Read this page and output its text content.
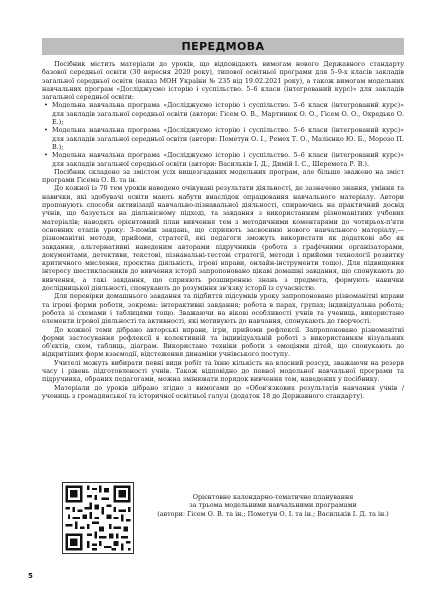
ПЕРЕДМОВА

Посібник містить матеріали до уроків, що відповідають вимогам нового Державного стандарту базової середньої освіти (30 вересня 2020 року), типової освітньої програми для 5–9-х класів закладів загальної середньої освіти (наказ МОН України № 235 від 19.02.2021 року), а також вимогам модельних навчальних програм «Досліджуємо історію і суспільство. 5–6 класи (інтегрований курс)» для закладів загальної середньої освіти:

• Модельна навчальна програма «Досліджуємо історію і суспільство. 5–6 класи (інтегрований курс)» для закладів загальної середньої освіти (автори: Гісем О. В., Мартинюк О. О., Гісем О. О., Охредько О. Е.);
• Модельна навчальна програма «Досліджуємо історію і суспільство. 5–6 класи (інтегрований курс)» для закладів загальної середньої освіти (автори: Пометун О. І., Ремех Т. О., Малієнко Ю. Б., Морозо П. В.);
• Модельна навчальна програма «Досліджуємо історію і суспільство. 5–6 класи (інтегрований курс)» для закладів загальної середньої освіти (автори: Васильків І. Д., Димій І. С., Шеремета Р. В.).

Посібник складено за змістом усіх вищезгаданих модельних програм, але більше зважено на зміст програми Гісема О. В. та ін.

До кожної із 70 тем уроків наведено очікувані результати діяльності, де зазначено знання, уміння та навички, які здобувачі освіти мають набути внаслідок опрацювання навчального матеріалу. Автори пропонують способи активізації навчально-пізнавальної діяльності, спираючись на практичний досвід учнів, що базується на діяльнісному підході, та завдання з використанням різноманітних учбових матеріалів; наводять орієнтовний план вивчення тем з методичними коментарями до чотирьох-п'яти основних етапів уроку. З-поміж завдань, що сприяють засвоєнню нового навчального матеріалу,— різноманітні методи, прийоми, стратегії, які педагоги зможуть використати як додаткові або як завдання, альтернативні наведеним авторами підручників (робота з графічними організаторами, документами, детективи, текстові, пізнавальні-тестові стратегії, методи і прийоми технології розвитку критичного мислення, проєктна діяльність, ігрові вправи, онлайн-інструменти тощо). Для підвищення інтересу шестикласників до вивчення історії запропоновано цікаві домашні завдання, що спонукають до вивчення, а такі завдання, що сприяють розширенню знань з предмета, формують навички дослідницької діяльності, спонукають до розуміння зв'язку історії із сучасністю.

Для перевірки домашнього завдання та підбиття підсумків уроку запропоновано різноманітні вправи та ігрові форми роботи, зокрема: інтерактивні завдання; робота в парах, групах; індивідуальна робота; робота зі схемами і таблицями тощо. Зважаючи на вікові особливості учнів та учениць, використано елементи ігрової діяльності та активності, які мотивують до навчання, спонукають до творчості.

До кожної теми дібрано авторські вправи, ігри, прийоми рефлексії. Запропоновано різноманітні форми застосування рефлексії в колективній та індивідуальній роботі з використанням візуальних об'єктів, схем, таблиць, діаграм. Використано техніки роботи з емоціями дітей, що спонукають до відкритіших форм взаємодії, відстеження динаміки учнівського поступу.

Учителі можуть вибирати певні види робіт та їхню кількість на власний розсуд, зважаючи на резерв часу і рівень підготовленості учнів. Також відповідно до певної модельної навчальної програми та підручника, обраних педагогами, можна змінювати порядок вивчення тем, наведених у посібнику.

Матеріали до уроків дібрано згідно з вимогами до «Обов'язкових результатів навчання учнів / учениць з громадянської та історичної освітньої галузі (додаток 18 до Державного стандарту).

Орієнтовне календарно-тематичне планування
за трьома модельними навчальними програмами
(автори: Гісем О. В. та ін.; Пометун О. І. та ін.; Васильків І. Д. та ін.)
5
